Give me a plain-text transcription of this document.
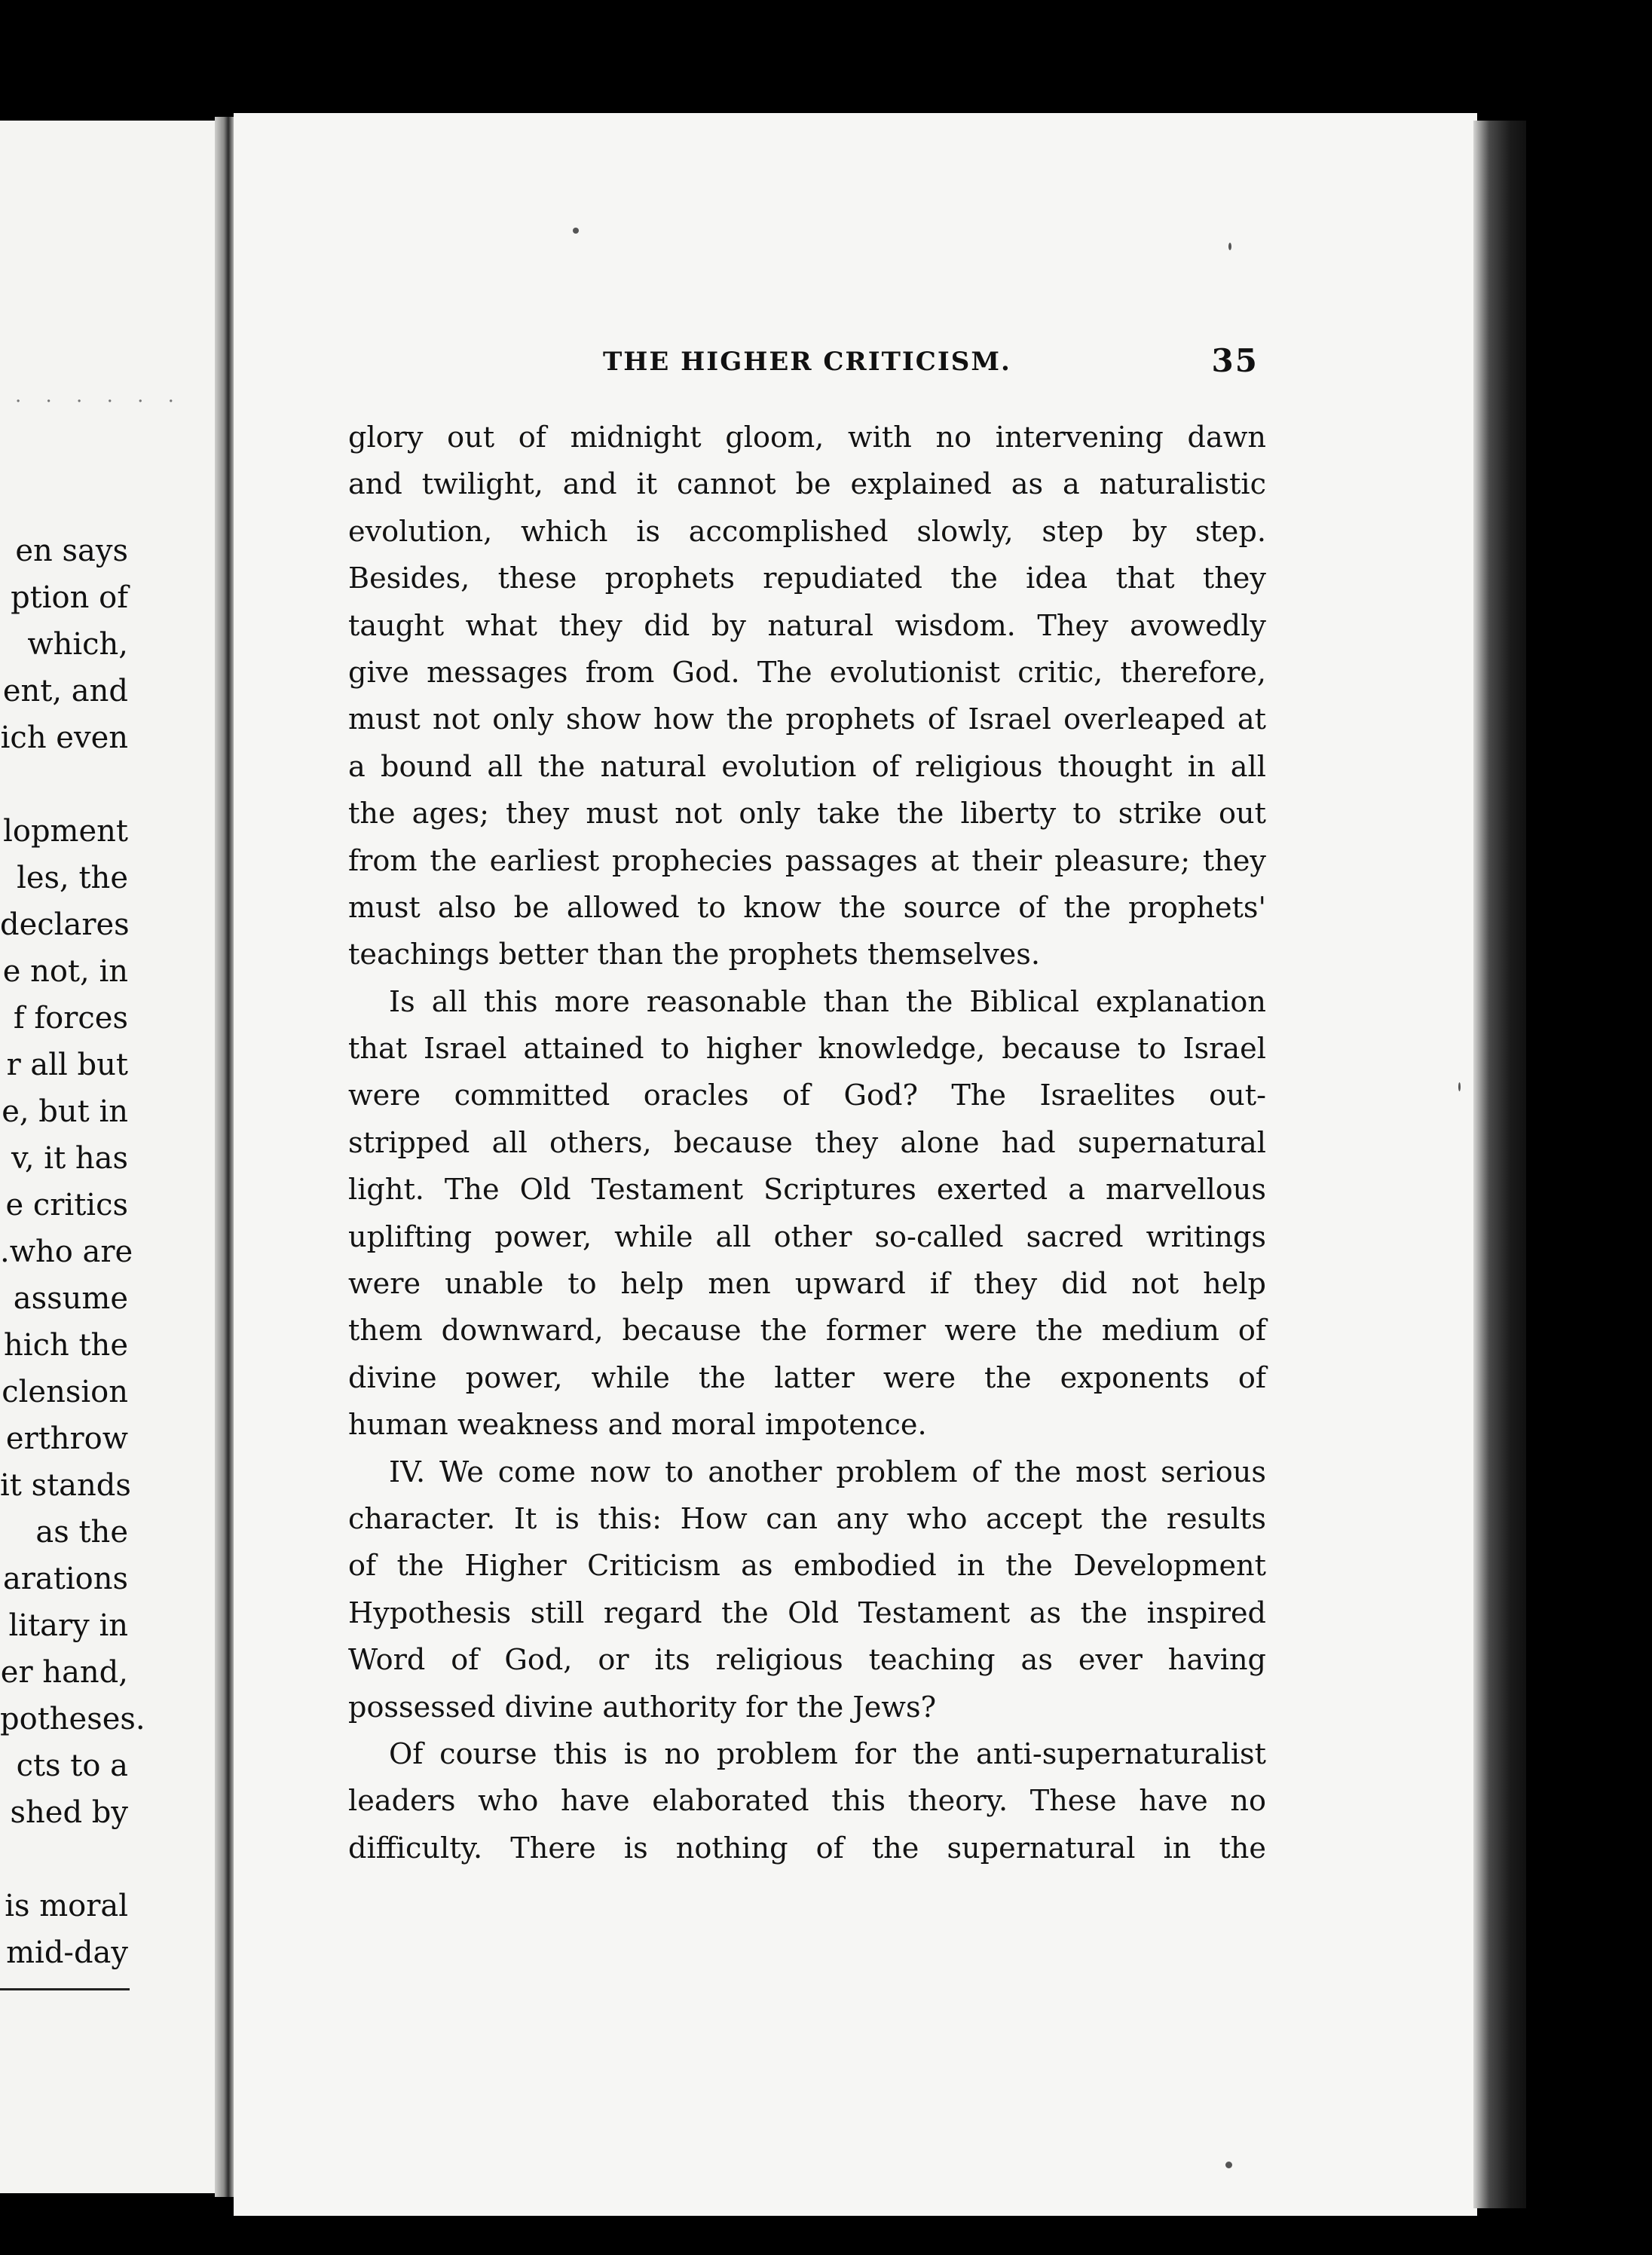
. . . . . .
en says
ption of
which,
ent, and
ich even
lopment
les, the
declares
e not, in
f forces
r all but
e, but in
v, it has
e critics
.who are
assume
hich the
clension
erthrow
it stands
as the
arations
litary in
er hand,
potheses.
cts to a
shed by
is moral
mid-day
THE HIGHER CRITICISM.	35
glory out of midnight gloom, with no intervening dawn
and twilight, and it cannot be explained as a naturalistic
evolution, which is accomplished slowly, step by step.
Besides, these prophets repudiated the idea that they
taught what they did by natural wisdom. They avowedly
give messages from God. The evolutionist critic, therefore,
must not only show how the prophets of Israel overleaped at
a bound all the natural evolution of religious thought in all
the ages; they must not only take the liberty to strike out
from the earliest prophecies passages at their pleasure; they
must also be allowed to know the source of the prophets'
teachings better than the prophets themselves.
Is all this more reasonable than the Biblical explanation
that Israel attained to higher knowledge, because to Israel
were committed oracles of God? The Israelites out-
stripped all others, because they alone had supernatural
light. The Old Testament Scriptures exerted a marvellous
uplifting power, while all other so-called sacred writings
were unable to help men upward if they did not help
them downward, because the former were the medium of
divine power, while the latter were the exponents of
human weakness and moral impotence.
IV. We come now to another problem of the most serious
character. It is this: How can any who accept the results
of the Higher Criticism as embodied in the Development
Hypothesis still regard the Old Testament as the inspired
Word of God, or its religious teaching as ever having
possessed divine authority for the Jews?
Of course this is no problem for the anti-supernaturalist
leaders who have elaborated this theory. These have no
difficulty. There is nothing of the supernatural in the
